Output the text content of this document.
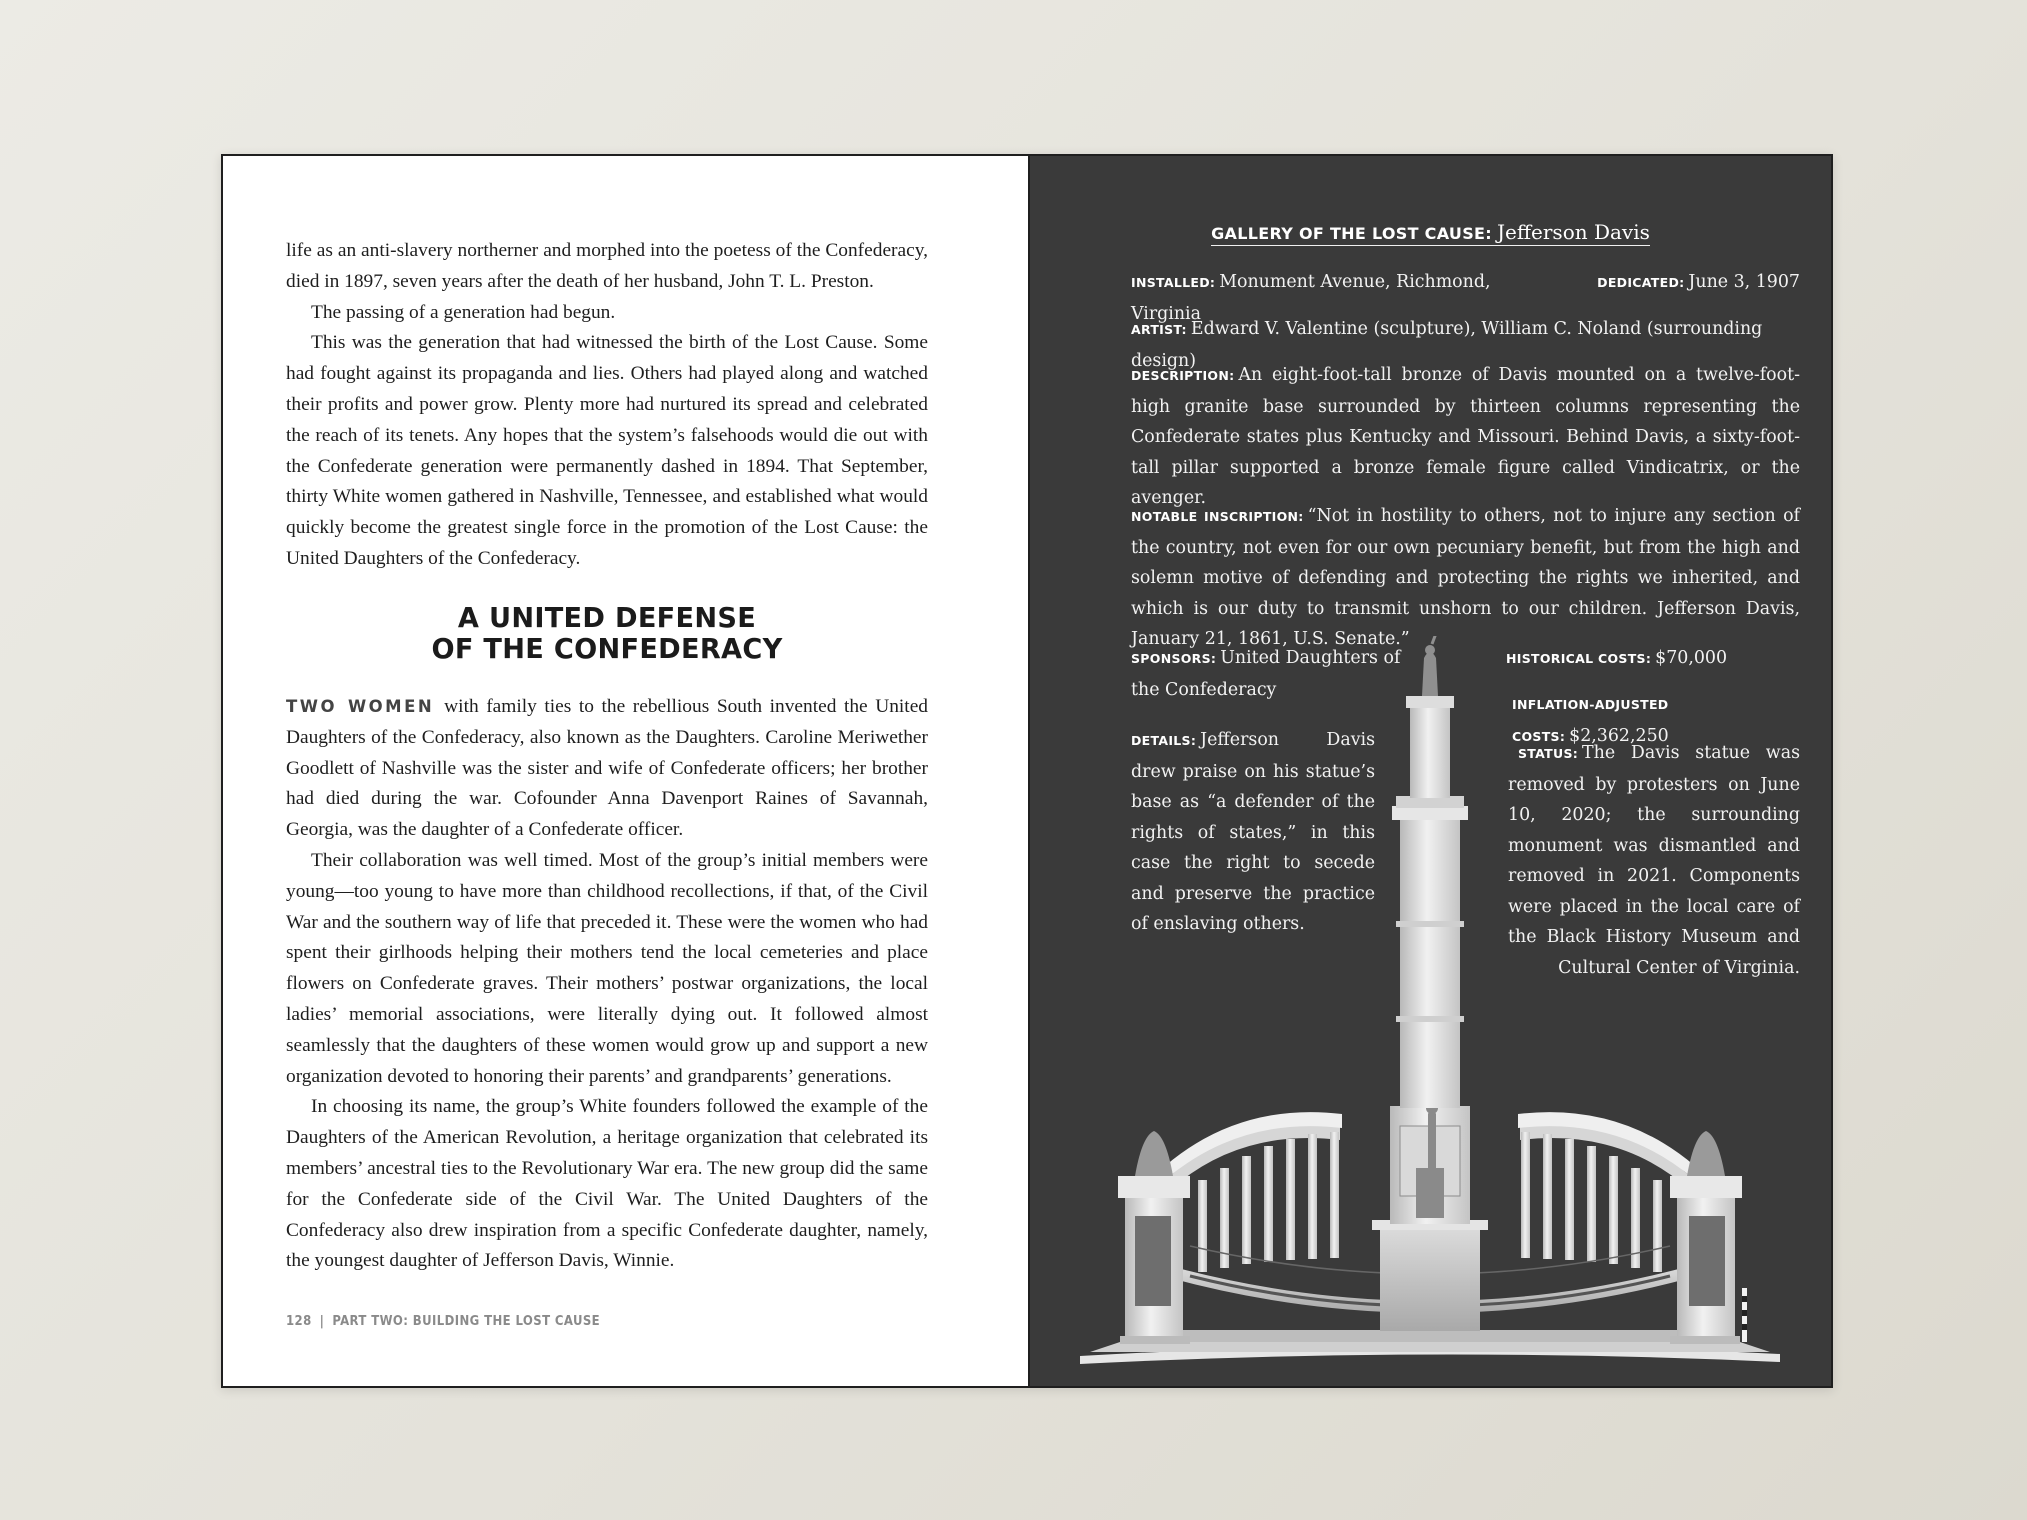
life as an anti-slavery northerner and morphed into the poetess of the Confederacy, died in 1897, seven years after the death of her husband, John T. L. Preston.

The passing of a generation had begun.

This was the generation that had witnessed the birth of the Lost Cause. Some had fought against its propaganda and lies. Others had played along and watched their profits and power grow. Plenty more had nurtured its spread and celebrated the reach of its tenets. Any hopes that the system’s falsehoods would die out with the Confederate generation were permanently dashed in 1894. That September, thirty White women gathered in Nashville, Tennessee, and established what would quickly become the greatest single force in the promotion of the Lost Cause: the United Daughters of the Confederacy.

A UNITED DEFENSE
OF THE CONFEDERACY

TWO WOMEN with family ties to the rebellious South invented the United Daughters of the Confederacy, also known as the Daughters. Caroline Meriwether Goodlett of Nashville was the sister and wife of Confederate officers; her brother had died during the war. Cofounder Anna Davenport Raines of Savannah, Georgia, was the daughter of a Confederate officer.

Their collaboration was well timed. Most of the group’s initial members were young—too young to have more than childhood recollections, if that, of the Civil War and the southern way of life that preceded it. These were the women who had spent their girlhoods helping their mothers tend the local cemeteries and place flowers on Confederate graves. Their mothers’ postwar organizations, the local ladies’ memorial associations, were literally dying out. It followed almost seamlessly that the daughters of these women would grow up and support a new organization devoted to honoring their parents’ and grandparents’ generations.

In choosing its name, the group’s White founders followed the example of the Daughters of the American Revolution, a heritage organization that celebrated its members’ ancestral ties to the Revolutionary War era. The new group did the same for the Confederate side of the Civil War. The United Daughters of the Confederacy also drew inspiration from a specific Confederate daughter, namely, the youngest daughter of Jefferson Davis, Winnie.

128 | PART TWO: BUILDING THE LOST CAUSE
GALLERY OF THE LOST CAUSE: Jefferson Davis
INSTALLED: Monument Avenue, Richmond, Virginia
DEDICATED: June 3, 1907
ARTIST: Edward V. Valentine (sculpture), William C. Noland (surrounding design)
DESCRIPTION: An eight-foot-tall bronze of Davis mounted on a twelve-foot-high granite base surrounded by thirteen columns representing the Confederate states plus Kentucky and Missouri. Behind Davis, a sixty-foot-tall pillar supported a bronze female figure called Vindicatrix, or the avenger.
NOTABLE INSCRIPTION: “Not in hostility to others, not to injure any section of the country, not even for our own pecuniary benefit, but from the high and solemn motive of defending and protecting the rights we inherited, and which is our duty to transmit unshorn to our children. Jefferson Davis, January 21, 1861, U.S. Senate.”
SPONSORS: United Daughters of the Confederacy
HISTORICAL COSTS: $70,000
INFLATION-ADJUSTED COSTS: $2,362,250
DETAILS: Jefferson Davis drew praise on his statue’s base as “a defender of the rights of states,” in this case the right to secede and preserve the practice of enslaving others.
STATUS: The Davis statue was removed by protesters on June 10, 2020; the surrounding monument was dismantled and removed in 2021. Components were placed in the local care of the Black History Museum and Cultural Center of Virginia.
